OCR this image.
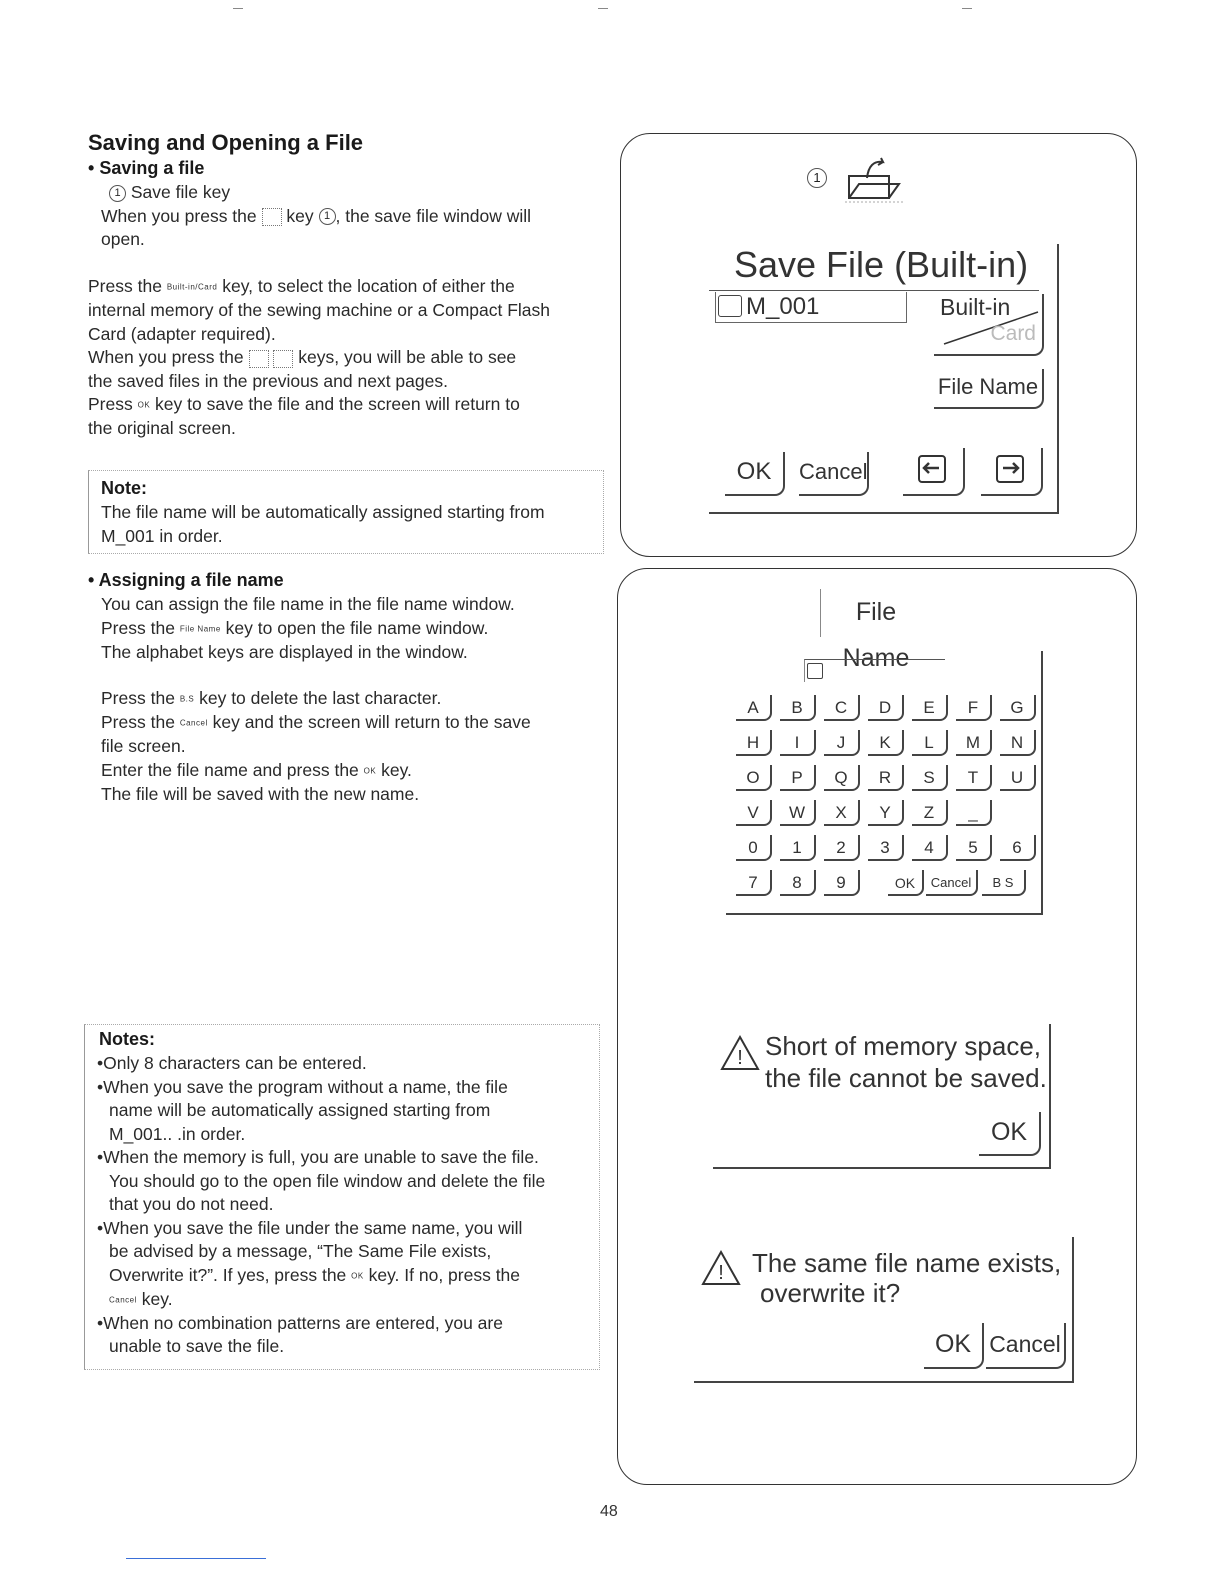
Saving and Opening a File
• Saving a file
1 Save file key
When you press the key 1 , the save file window will
open.
Press the Built-in/Card key, to select the location of either the
internal memory of the sewing machine or a Compact Flash
Card (adapter required).
When you press the	keys, you will be able to see
the saved files in the previous and next pages.
Press OK key to save the file and the screen will return to
the original screen.
Note:
The file name will be automatically assigned starting from
M_001 in order.
• Assigning a file name
You can assign the file name in the file name window.
Press the File Name key to open the file name window.
The alphabet keys are displayed in the window.
Press the B.S key to delete the last character.
Press the Cancel key and the screen will return to the save
file screen.
Enter the file name and press the OK key.
The file will be saved with the new name.
Notes:
•Only 8 characters can be entered.
•When you save the program without a name, the file
name will be automatically assigned starting from
M_001.. .in order.
•When the memory is full, you are unable to save the file.
You should go to the open file window and delete the file
that you do not need.
•When you save the file under the same name, you will
be advised by a message, “The Same File exists,
Overwrite it?”. If yes, press the OK key. If no, press the
Cancel key.
•When no combination patterns are entered, you are
unable to save the file.
1
Save File (Built-in)
M_001	Built-in
Card
File Name
OK	Cancel
File Name
A	B	C	D	E	F	G
H	I	J	K	L	M	N
O	P	Q	R	S	T	U
V	W	X	Y	Z	_
0	1	2	3	4	5	6
7	8	9	OK	Cancel	B S
! Short of memory space,
the file cannot be saved.
OK
! The same file name exists,
overwrite it?
OK Cancel
48
